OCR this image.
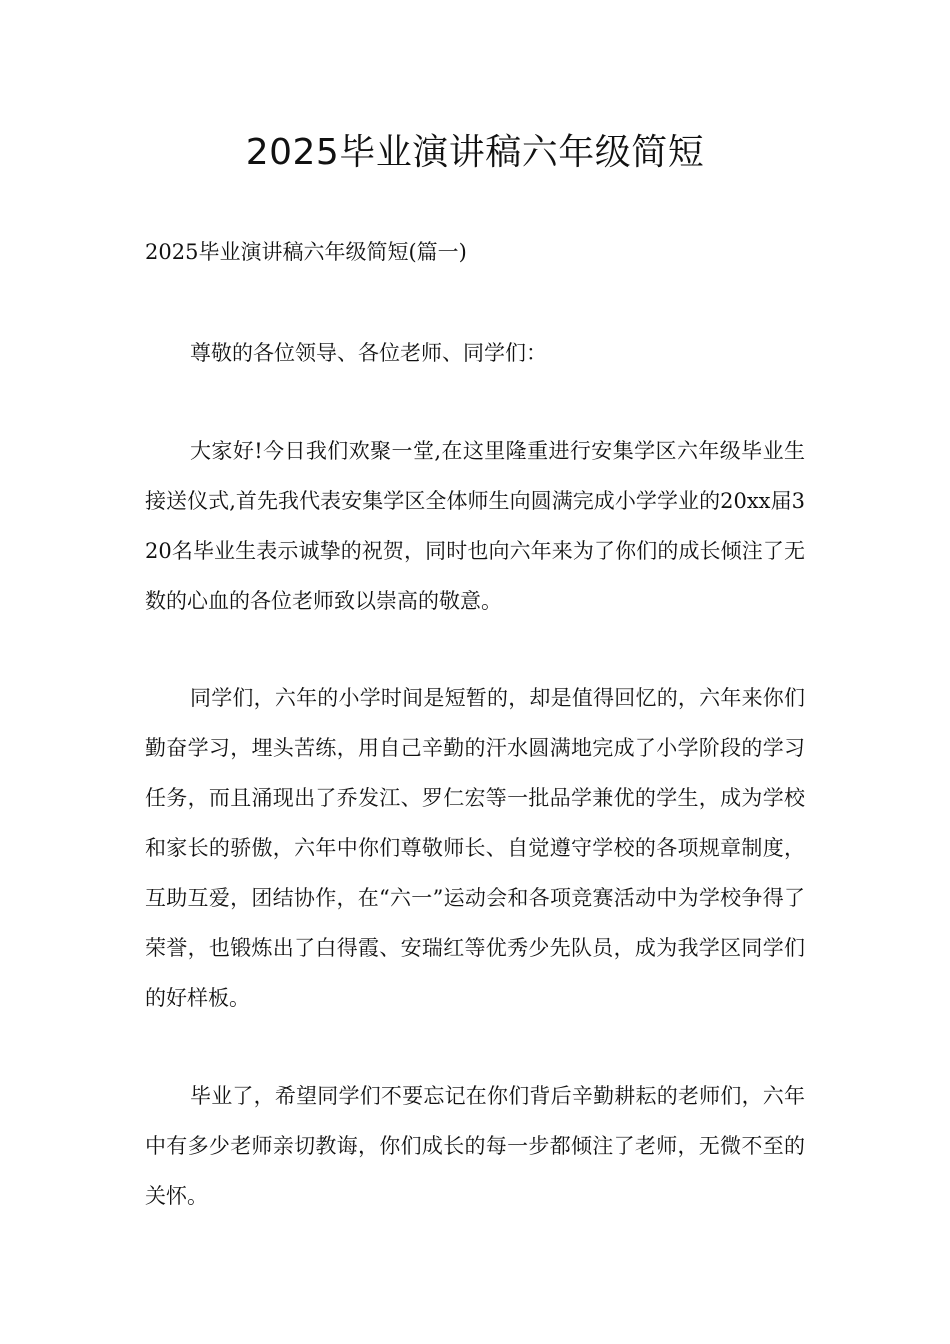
2025毕业演讲稿六年级简短

2025毕业演讲稿六年级简短(篇一)

尊敬的各位领导、各位老师、同学们：

大家好!今日我们欢聚一堂,在这里隆重进行安集学区六年级毕业生接送仪式,首先我代表安集学区全体师生向圆满完成小学学业的20xx届320名毕业生表示诚挚的祝贺，同时也向六年来为了你们的成长倾注了无数的心血的各位老师致以崇高的敬意。

同学们，六年的小学时间是短暂的，却是值得回忆的，六年来你们勤奋学习，埋头苦练，用自己辛勤的汗水圆满地完成了小学阶段的学习任务，而且涌现出了乔发江、罗仁宏等一批品学兼优的学生，成为学校和家长的骄傲，六年中你们尊敬师长、自觉遵守学校的各项规章制度，互助互爱，团结协作，在“六一”运动会和各项竞赛活动中为学校争得了荣誉，也锻炼出了白得霞、安瑞红等优秀少先队员，成为我学区同学们的好样板。

毕业了，希望同学们不要忘记在你们背后辛勤耕耘的老师们，六年中有多少老师亲切教诲，你们成长的每一步都倾注了老师，无微不至的关怀。
